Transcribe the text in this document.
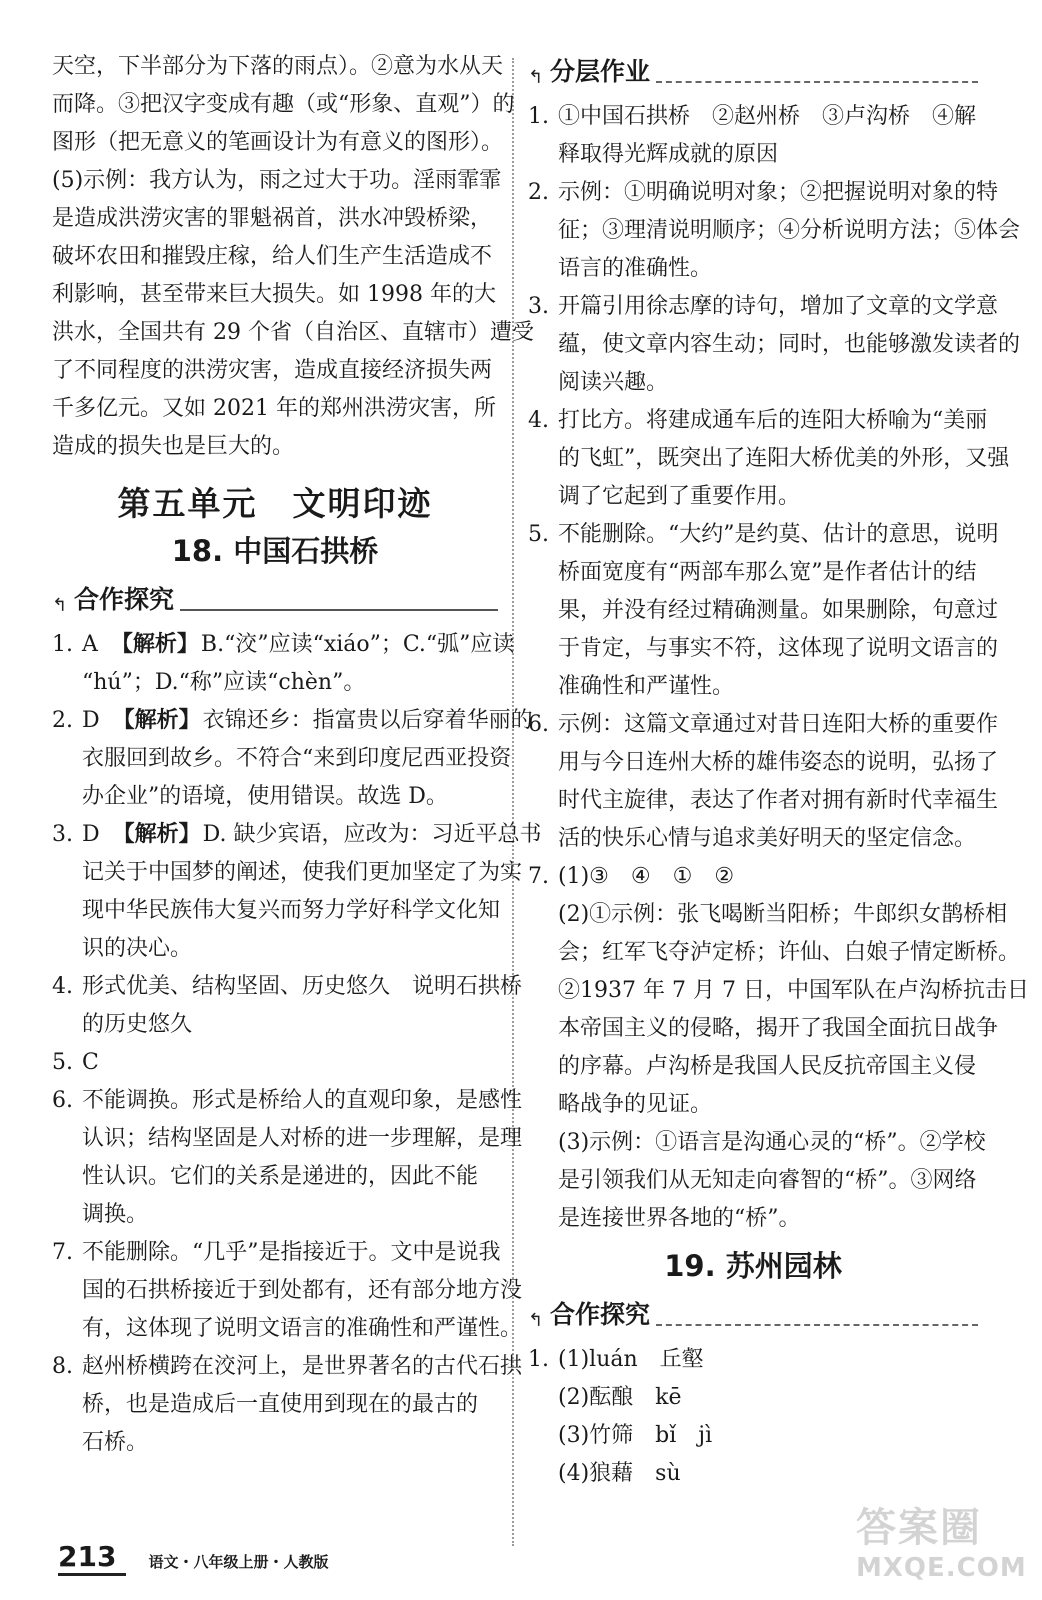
天空，下半部分为下落的雨点）。②意为水从天

而降。③把汉字变成有趣（或“形象、直观”）的

图形（把无意义的笔画设计为有意义的图形）。

(5)示例：我方认为，雨之过大于功。淫雨霏霏

是造成洪涝灾害的罪魁祸首，洪水冲毁桥梁，

破坏农田和摧毁庄稼，给人们生产生活造成不

利影响，甚至带来巨大损失。如 1998 年的大

洪水，全国共有 29 个省（自治区、直辖市）遭受

了不同程度的洪涝灾害，造成直接经济损失两

千多亿元。又如 2021 年的郑州洪涝灾害，所

造成的损失也是巨大的。

第五单元　文明印迹
18. 中国石拱桥
↰ 合作探究
1. A　 【解析】B.“洨”应读“xiáo”；C.“弧”应读
“hú”；D.“称”应读“chèn”。
2. D　 【解析】衣锦还乡：指富贵以后穿着华丽的
衣服回到故乡。不符合“来到印度尼西亚投资
办企业”的语境，使用错误。故选 D。
3. D　 【解析】D. 缺少宾语，应改为：习近平总书
记关于中国梦的阐述，使我们更加坚定了为实
现中华民族伟大复兴而努力学好科学文化知
识的决心。
4. 形式优美、结构坚固、历史悠久　说明石拱桥
的历史悠久
5. C
6. 不能调换。形式是桥给人的直观印象，是感性
认识；结构坚固是人对桥的进一步理解，是理
性认识。它们的关系是递进的，因此不能
调换。
7. 不能删除。“几乎”是指接近于。文中是说我
国的石拱桥接近于到处都有，还有部分地方没
有，这体现了说明文语言的准确性和严谨性。
8. 赵州桥横跨在洨河上，是世界著名的古代石拱
桥，也是造成后一直使用到现在的最古的
石桥。
↰ 分层作业
1. ①中国石拱桥　②赵州桥　③卢沟桥　④解
释取得光辉成就的原因
2. 示例：①明确说明对象；②把握说明对象的特
征；③理清说明顺序；④分析说明方法；⑤体会
语言的准确性。
3. 开篇引用徐志摩的诗句，增加了文章的文学意
蕴，使文章内容生动；同时，也能够激发读者的
阅读兴趣。
4. 打比方。将建成通车后的连阳大桥喻为“美丽
的飞虹”，既突出了连阳大桥优美的外形，又强
调了它起到了重要作用。
5. 不能删除。“大约”是约莫、估计的意思，说明
桥面宽度有“两部车那么宽”是作者估计的结
果，并没有经过精确测量。如果删除，句意过
于肯定，与事实不符，这体现了说明文语言的
准确性和严谨性。
6. 示例：这篇文章通过对昔日连阳大桥的重要作
用与今日连州大桥的雄伟姿态的说明，弘扬了
时代主旋律，表达了作者对拥有新时代幸福生
活的快乐心情与追求美好明天的坚定信念。
7. (1)③　④　①　②
(2)①示例：张飞喝断当阳桥；牛郎织女鹊桥相
会；红军飞夺泸定桥；许仙、白娘子情定断桥。
②1937 年 7 月 7 日，中国军队在卢沟桥抗击日
本帝国主义的侵略，揭开了我国全面抗日战争
的序幕。卢沟桥是我国人民反抗帝国主义侵
略战争的见证。
(3)示例：①语言是沟通心灵的“桥”。②学校
是引领我们从无知走向睿智的“桥”。③网络
是连接世界各地的“桥”。
19. 苏州园林
↰ 合作探究
1. (1)luán　丘壑
(2)酝酿　kē
(3)竹筛　bǐ　jì
(4)狼藉　sù
213	语文・八年级上册・人教版
答案圈
MXQE.COM
